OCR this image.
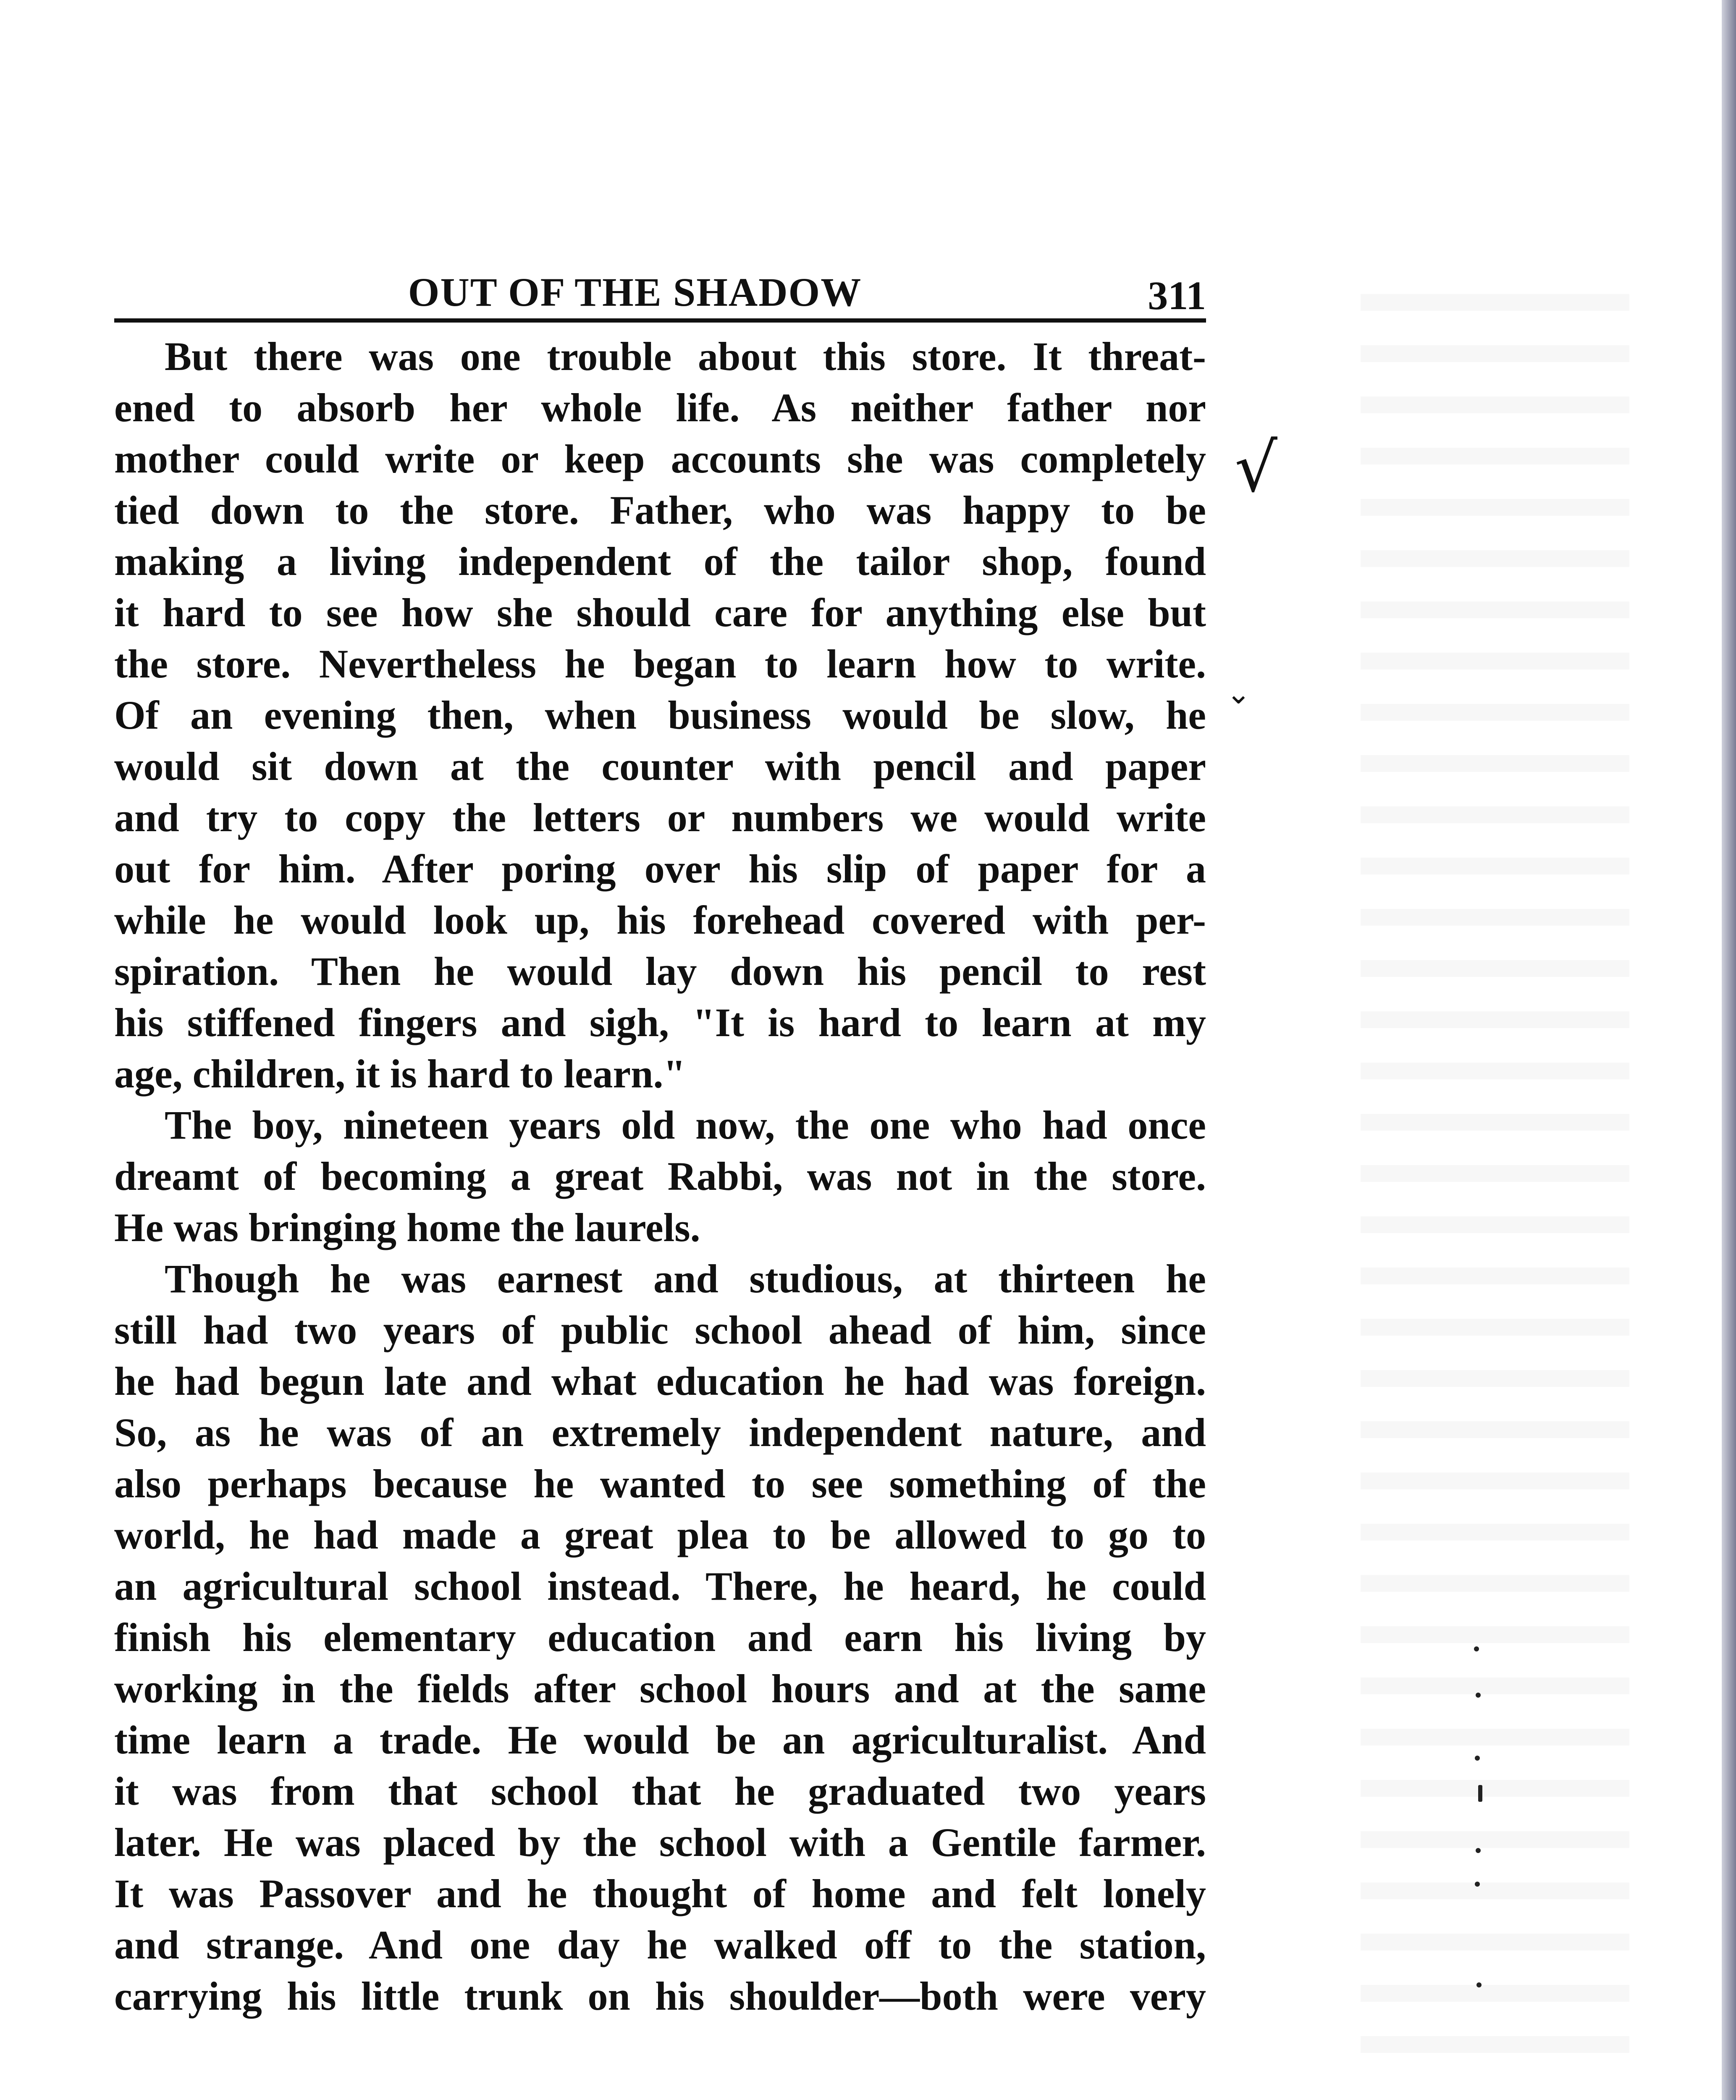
OUT OF THE SHADOW	311
But there was one trouble about this store. It threat-
ened to absorb her whole life. As neither father nor
mother could write or keep accounts she was completely
tied down to the store. Father, who was happy to be
making a living independent of the tailor shop, found
it hard to see how she should care for anything else but
the store. Nevertheless he began to learn how to write.
Of an evening then, when business would be slow, he
would sit down at the counter with pencil and paper
and try to copy the letters or numbers we would write
out for him. After poring over his slip of paper for a
while he would look up, his forehead covered with per-
spiration. Then he would lay down his pencil to rest
his stiffened fingers and sigh, "It is hard to learn at my
age, children, it is hard to learn."
The boy, nineteen years old now, the one who had once
dreamt of becoming a great Rabbi, was not in the store.
He was bringing home the laurels.
Though he was earnest and studious, at thirteen he
still had two years of public school ahead of him, since
he had begun late and what education he had was foreign.
So, as he was of an extremely independent nature, and
also perhaps because he wanted to see something of the
world, he had made a great plea to be allowed to go to
an agricultural school instead. There, he heard, he could
finish his elementary education and earn his living by
working in the fields after school hours and at the same
time learn a trade. He would be an agriculturalist. And
it was from that school that he graduated two years
later. He was placed by the school with a Gentile farmer.
It was Passover and he thought of home and felt lonely
and strange. And one day he walked off to the station,
carrying his little trunk on his shoulder—both were very
√
⌄
